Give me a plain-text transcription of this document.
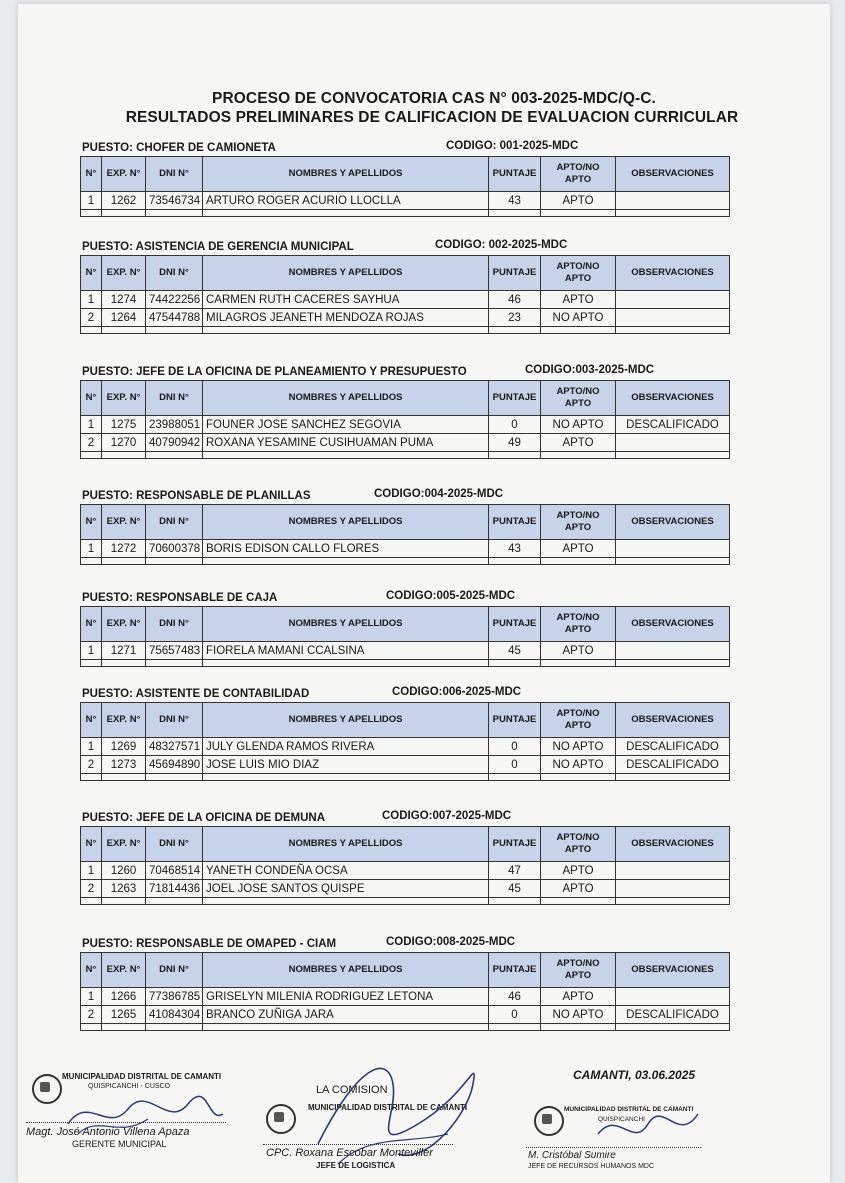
PROCESO DE CONVOCATORIA CAS N° 003-2025-MDC/Q-C.
RESULTADOS PRELIMINARES DE CALIFICACION DE EVALUACION CURRICULAR
PUESTO: CHOFER DE CAMIONETA	CODIGO: 001-2025-MDC
N°	EXP. N°	DNI N°	NOMBRES Y APELLIDOS	PUNTAJE	APTO/NO APTO	OBSERVACIONES
1	1262	73546734	ARTURO ROGER ACURIO LLOCLLA	43	APTO	

PUESTO: ASISTENCIA DE GERENCIA MUNICIPAL	CODIGO: 002-2025-MDC
N°	EXP. N°	DNI N°	NOMBRES Y APELLIDOS	PUNTAJE	APTO/NO APTO	OBSERVACIONES
1	1274	74422256	CARMEN RUTH CACERES SAYHUA	46	APTO	
2	1264	47544788	MILAGROS JEANETH MENDOZA ROJAS	23	NO APTO	

PUESTO: JEFE DE LA OFICINA DE PLANEAMIENTO Y PRESUPUESTO	CODIGO:003-2025-MDC
N°	EXP. N°	DNI N°	NOMBRES Y APELLIDOS	PUNTAJE	APTO/NO APTO	OBSERVACIONES
1	1275	23988051	FOUNER JOSE SANCHEZ SEGOVIA	0	NO APTO	DESCALIFICADO
2	1270	40790942	ROXANA YESAMINE CUSIHUAMAN PUMA	49	APTO	

PUESTO: RESPONSABLE DE PLANILLAS	CODIGO:004-2025-MDC
N°	EXP. N°	DNI N°	NOMBRES Y APELLIDOS	PUNTAJE	APTO/NO APTO	OBSERVACIONES
1	1272	70600378	BORIS EDISON CALLO FLORES	43	APTO	

PUESTO: RESPONSABLE DE CAJA	CODIGO:005-2025-MDC
N°	EXP. N°	DNI N°	NOMBRES Y APELLIDOS	PUNTAJE	APTO/NO APTO	OBSERVACIONES
1	1271	75657483	FIORELA MAMANI CCALSINA	45	APTO	

PUESTO: ASISTENTE DE CONTABILIDAD	CODIGO:006-2025-MDC
N°	EXP. N°	DNI N°	NOMBRES Y APELLIDOS	PUNTAJE	APTO/NO APTO	OBSERVACIONES
1	1269	48327571	JULY GLENDA RAMOS RIVERA	0	NO APTO	DESCALIFICADO
2	1273	45694890	JOSE LUIS MIO DIAZ	0	NO APTO	DESCALIFICADO

PUESTO: JEFE DE LA OFICINA DE DEMUNA	CODIGO:007-2025-MDC
N°	EXP. N°	DNI N°	NOMBRES Y APELLIDOS	PUNTAJE	APTO/NO APTO	OBSERVACIONES
1	1260	70468514	YANETH CONDEÑA OCSA	47	APTO	
2	1263	71814436	JOEL JOSE SANTOS QUISPE	45	APTO	

PUESTO: RESPONSABLE DE OMAPED - CIAM	CODIGO:008-2025-MDC
N°	EXP. N°	DNI N°	NOMBRES Y APELLIDOS	PUNTAJE	APTO/NO APTO	OBSERVACIONES
1	1266	77386785	GRISELYN MILENIA RODRIGUEZ LETONA	46	APTO	
2	1265	41084304	BRANCO ZUÑIGA JARA	0	NO APTO	DESCALIFICADO

MUNICIPALIDAD DISTRITAL DE CAMANTI
QUISPICANCHI - CUSCO
Magt. José Antonio Villena Apaza
GERENTE MUNICIPAL
LA COMISION
MUNICIPALIDAD DISTRITAL DE CAMANTI
CPC. Roxana Escobar Monteviller
JEFE DE LOGISTICA
CAMANTI, 03.06.2025
MUNICIPALIDAD DISTRITAL DE CAMANTI
QUISPICANCHI
M. Cristóbal Sumire
JEFE DE RECURSOS HUMANOS MDC
